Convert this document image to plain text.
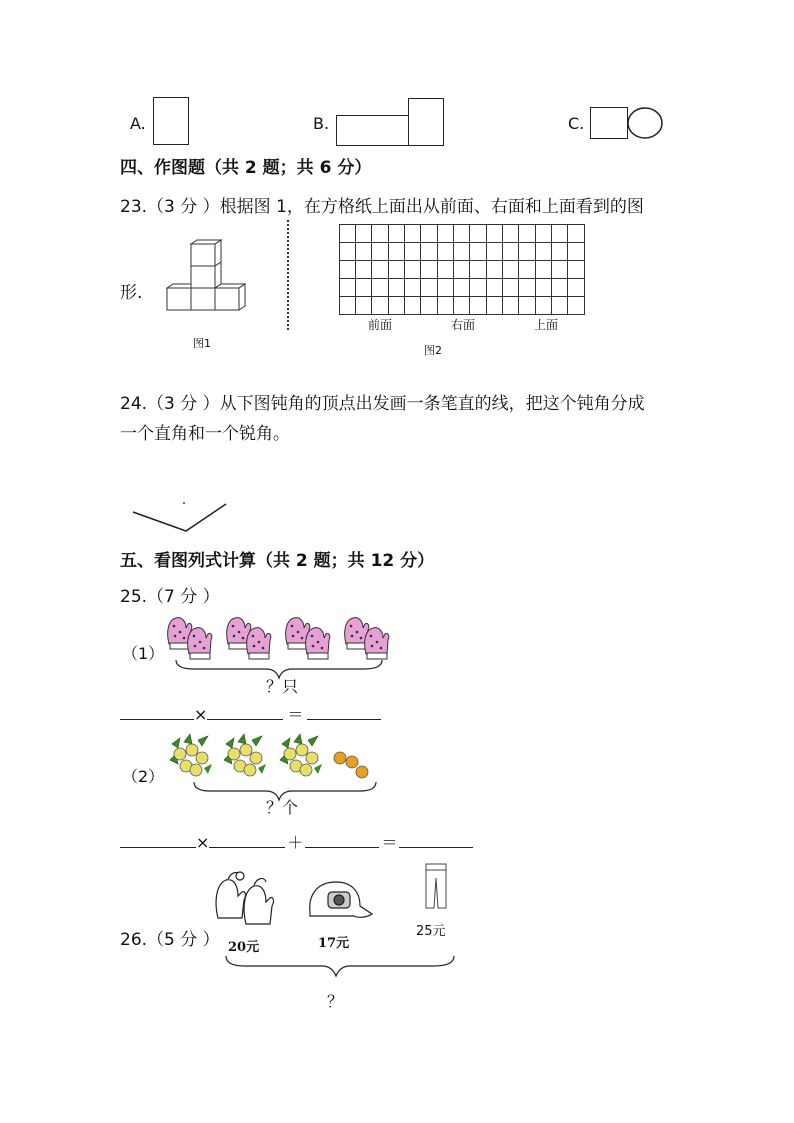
A.	B.	C.
四、作图题（共 2 题；共 6 分）
23.（3 分 ）根据图 1，在方格纸上面出从前面、右面和上面看到的图
形.
图1
前面	右面	上面
图2
24.（3 分 ）从下图钝角的顶点出发画一条笔直的线，把这个钝角分成
一个直角和一个锐角。
五、看图列式计算（共 2 题；共 12 分）
25.（7 分 ）
（1）
？只
×	＝
（2）
？个
×	＋	＝
26.（5 分 ） 20元	17元
25元
？
